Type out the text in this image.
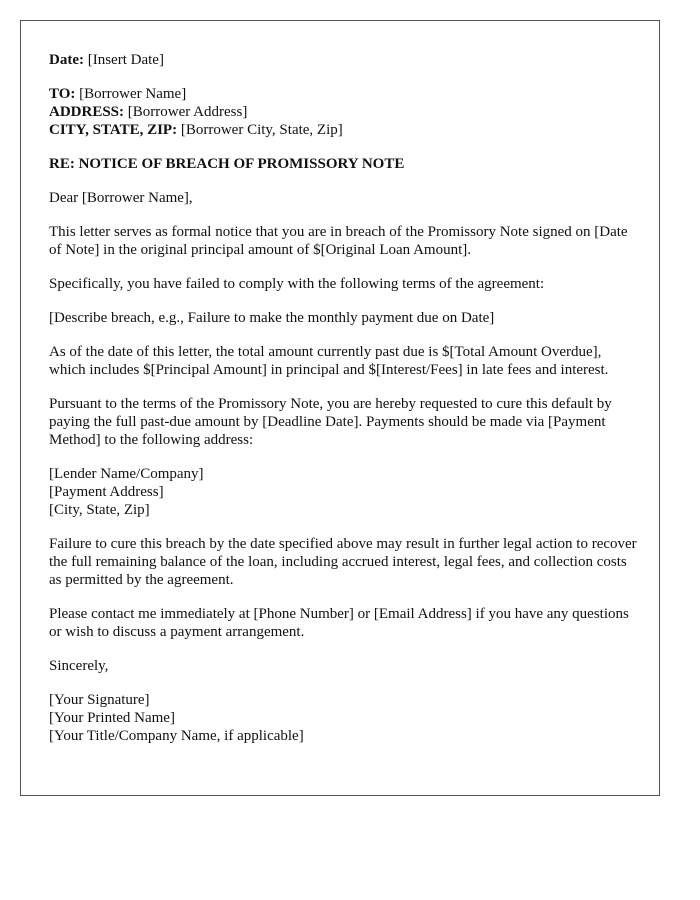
Date: [Insert Date]
TO: [Borrower Name]
ADDRESS: [Borrower Address]
CITY, STATE, ZIP: [Borrower City, State, Zip]
RE: NOTICE OF BREACH OF PROMISSORY NOTE
Dear [Borrower Name],
This letter serves as formal notice that you are in breach of the Promissory Note signed on [Date of Note] in the original principal amount of $[Original Loan Amount].
Specifically, you have failed to comply with the following terms of the agreement:
[Describe breach, e.g., Failure to make the monthly payment due on Date]
As of the date of this letter, the total amount currently past due is $[Total Amount Overdue], which includes $[Principal Amount] in principal and $[Interest/Fees] in late fees and interest.
Pursuant to the terms of the Promissory Note, you are hereby requested to cure this default by paying the full past-due amount by [Deadline Date]. Payments should be made via [Payment Method] to the following address:
[Lender Name/Company]
[Payment Address]
[City, State, Zip]
Failure to cure this breach by the date specified above may result in further legal action to recover the full remaining balance of the loan, including accrued interest, legal fees, and collection costs as permitted by the agreement.
Please contact me immediately at [Phone Number] or [Email Address] if you have any questions or wish to discuss a payment arrangement.
Sincerely,
[Your Signature]
[Your Printed Name]
[Your Title/Company Name, if applicable]
